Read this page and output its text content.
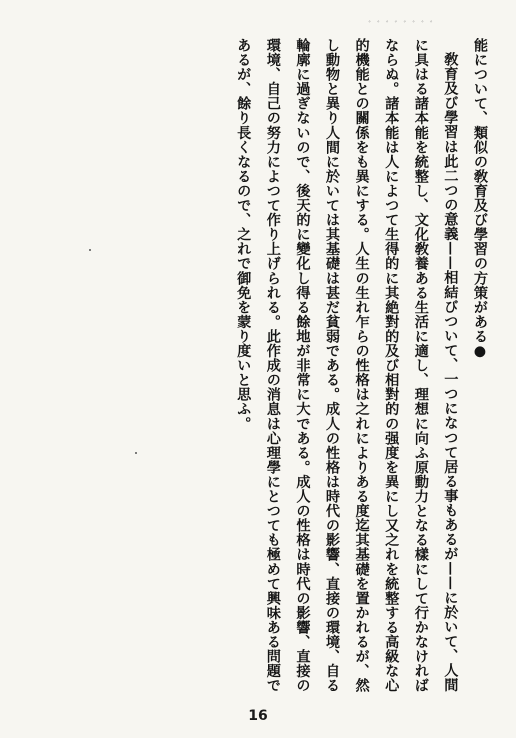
ﾞ ﾞ ﾞ ﾞ ﾞ ﾞ ﾞ ﾞ

能について、類似の敎育及び學習の方策がある●

敎育及び學習は此二つの意義——相結びついて、一つになつて居る事もあるが——に於いて、人間に具はる諸本能を統整し、文化敎養ある生活に適し、理想に向ふ原動力となる樣にして行かなければならぬ。諸本能は人によつて生得的に其絶對的及び相對的の强度を異にし又之れを統整する高級な心的機能との關係をも異にする。人生の生れ乍らの性格は之れによりある度迄其基礎を置かれるが、然し動物と異り人間に於いては其基礎は甚だ貧弱である。成人の性格は時代の影響、直接の環境、自る輪廓に過ぎないので、後天的に變化し得る餘地が非常に大である。成人の性格は時代の影響、直接の環境、自己の努力によつて作り上げられる。此作成の消息は心理學にとつても極めて興味ある問題であるが、餘り長くなるので、之れで御免を蒙り度いと思ふ。

16
